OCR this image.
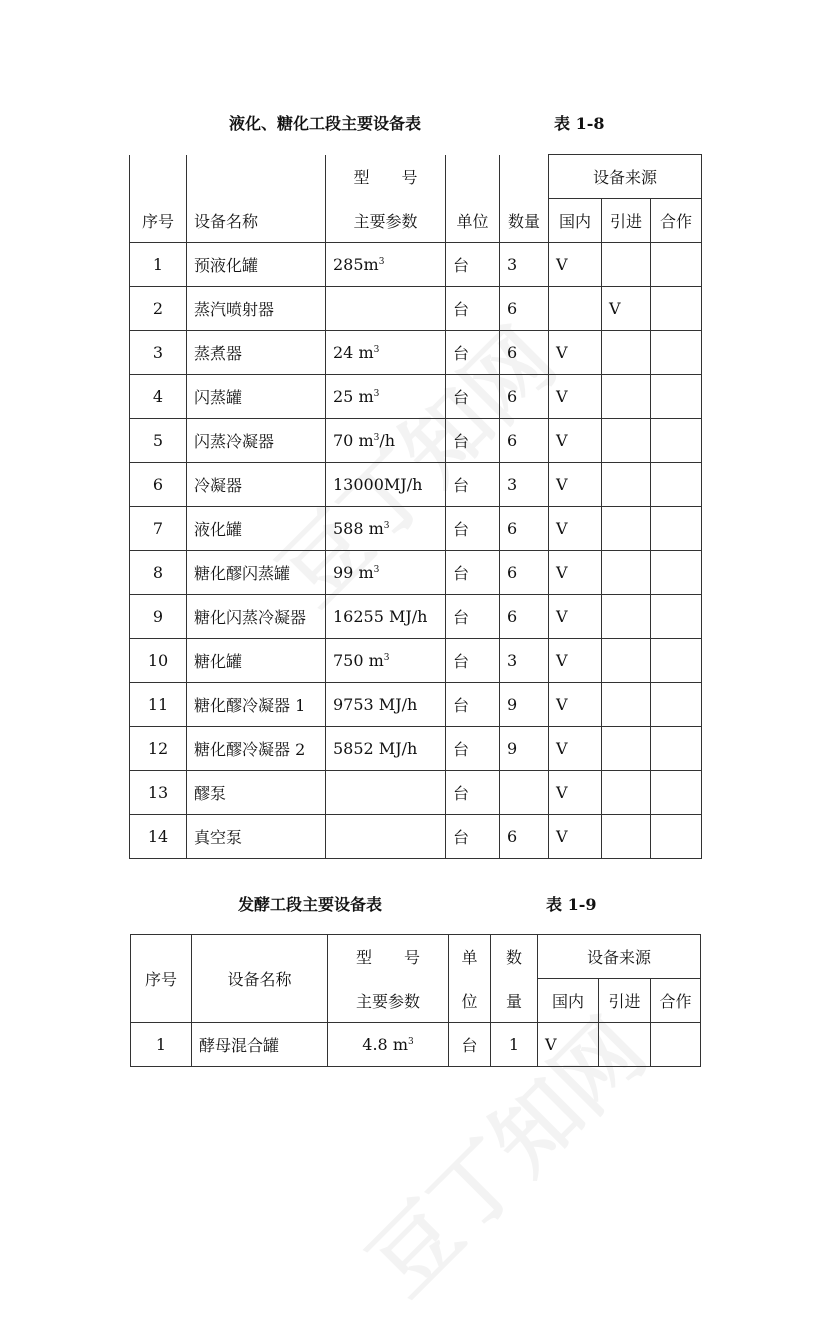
液化、糖化工段主要设备表	表 1-8
		型　　号			设备来源		
序号	设备名称	主要参数	单位	数量	国内	引进	合作
1	预液化罐	$285m^3$	台	3	V		
2	蒸汽喷射器		台	6		V	
3	蒸煮器	24 $m^3$	台	6	V		
4	闪蒸罐	25 $m^3$	台	6	V		
5	闪蒸冷凝器	70 $m^3/h$	台	6	V		
6	冷凝器	13000MJ/h	台	3	V		
7	液化罐	588 $m^3$	台	6	V		
8	糖化醪闪蒸罐	99 $m^3$	台	6	V		
9	糖化闪蒸冷凝器	16255 MJ/h	台	6	V		
10	糖化罐	750 $m^3$	台	3	V		
11	糖化醪冷凝器 1	9753 MJ/h	台	9	V		
12	糖化醪冷凝器 2	5852 MJ/h	台	9	V		
13	醪泵		台		V		
14	真空泵		台	6	V		
发酵工段主要设备表	表 1-9
序号	设备名称	型　　号	单	数	设备来源		
		主要参数	位	量	国内	引进	合作
1	酵母混合罐	4.8 $m^3$	台	1	V		
